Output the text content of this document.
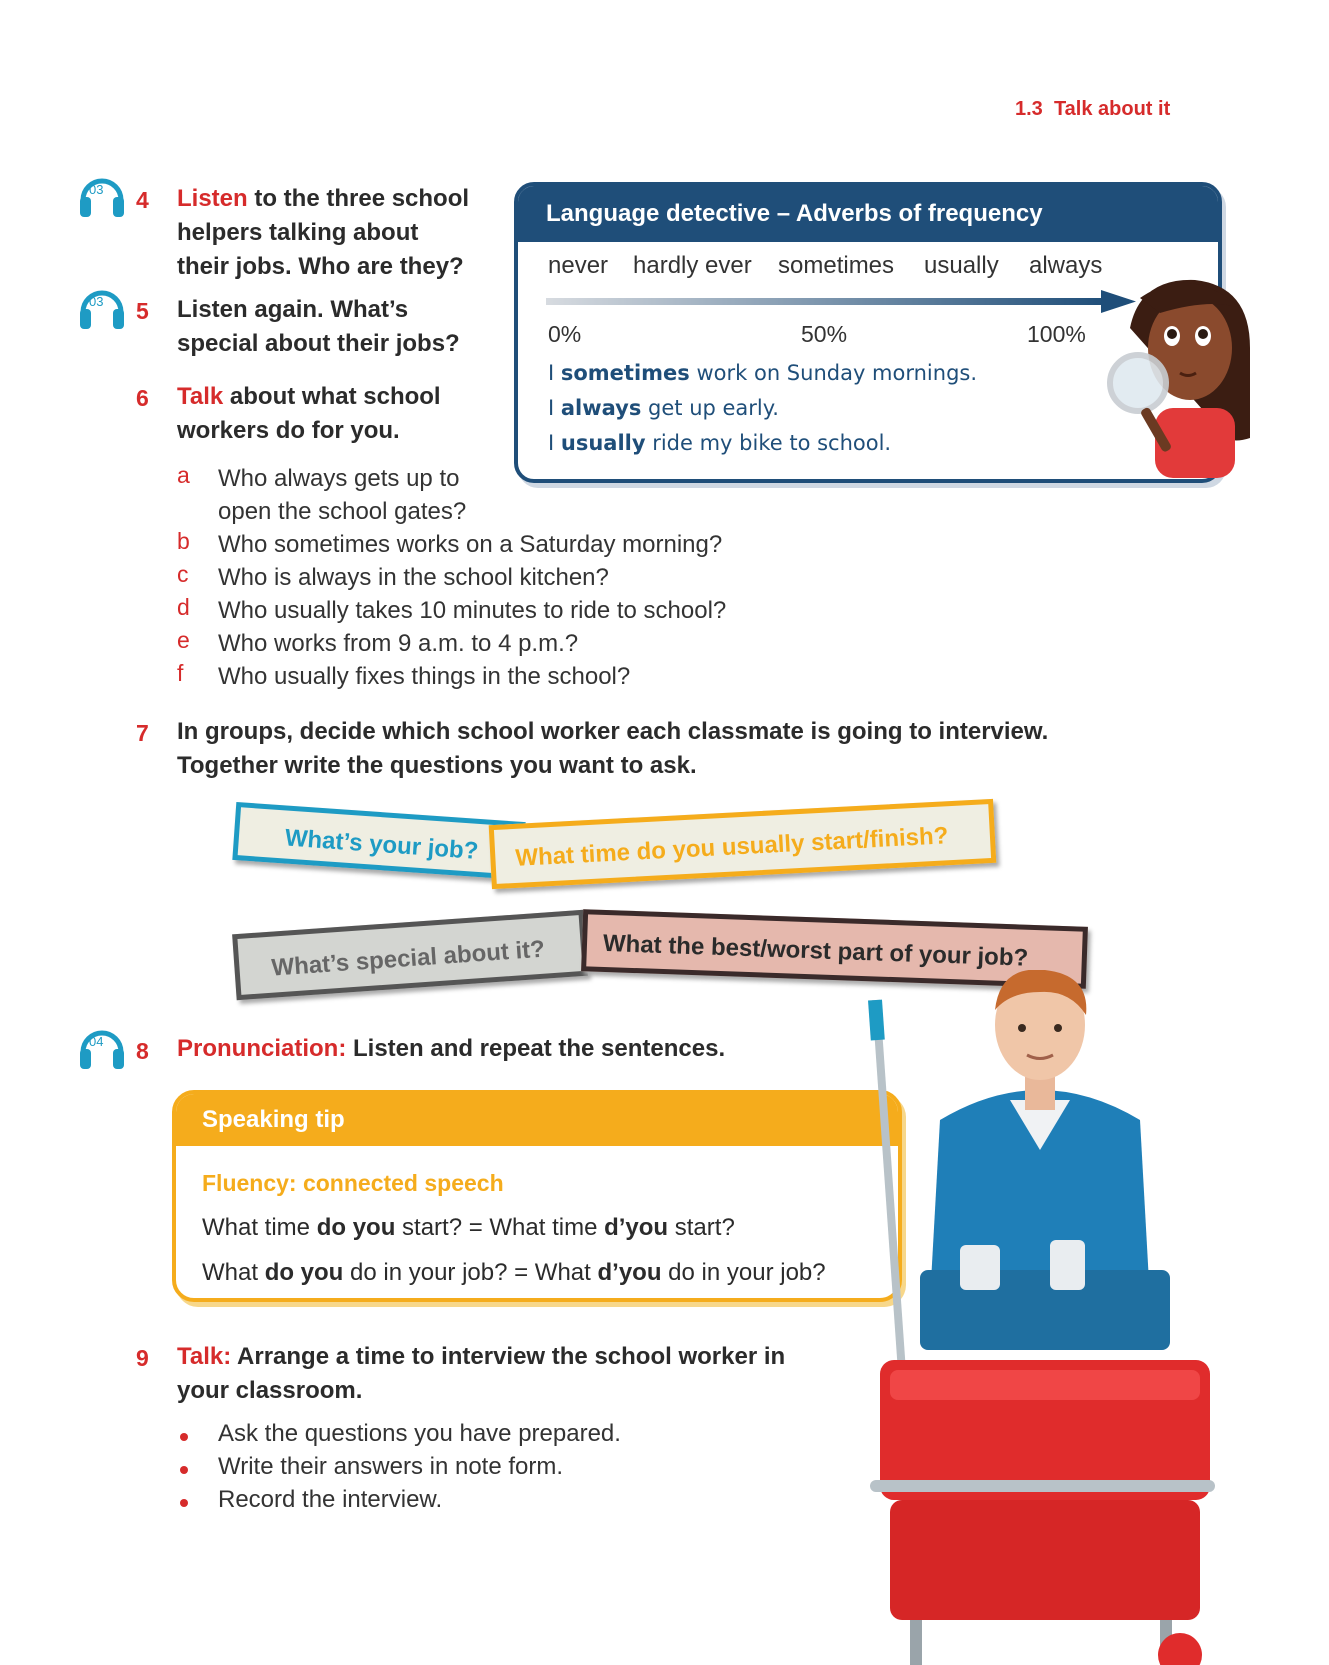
1.3 Talk about it
03 4 Listen to the three school
helpers talking about
their jobs. Who are they?
03 5 Listen again. What’s
special about their jobs?
6 Talk about what school
workers do for you.
a Who always gets up to
open the school gates?
b Who sometimes works on a Saturday morning?
c Who is always in the school kitchen?
d Who usually takes 10 minutes to ride to school?
e Who works from 9 a.m. to 4 p.m.?
f Who usually fixes things in the school?
Language detective – Adverbs of frequency
never hardly ever sometimes usually always
0%	50%	100%
I sometimes work on Sunday mornings.
I always get up early.
I usually ride my bike to school.
7 In groups, decide which school worker each classmate is going to interview.
Together write the questions you want to ask.
What’s your job?	What time do you usually start/finish?
What’s special about it?	What the best/worst part of your job?
04 8 Pronunciation: Listen and repeat the sentences.
Speaking tip
Fluency: connected speech
What time do you start? = What time d’you start?
What do you do in your job? = What d’you do in your job?
9 Talk: Arrange a time to interview the school worker in
your classroom.
Ask the questions you have prepared.
Write their answers in note form.
Record the interview.
